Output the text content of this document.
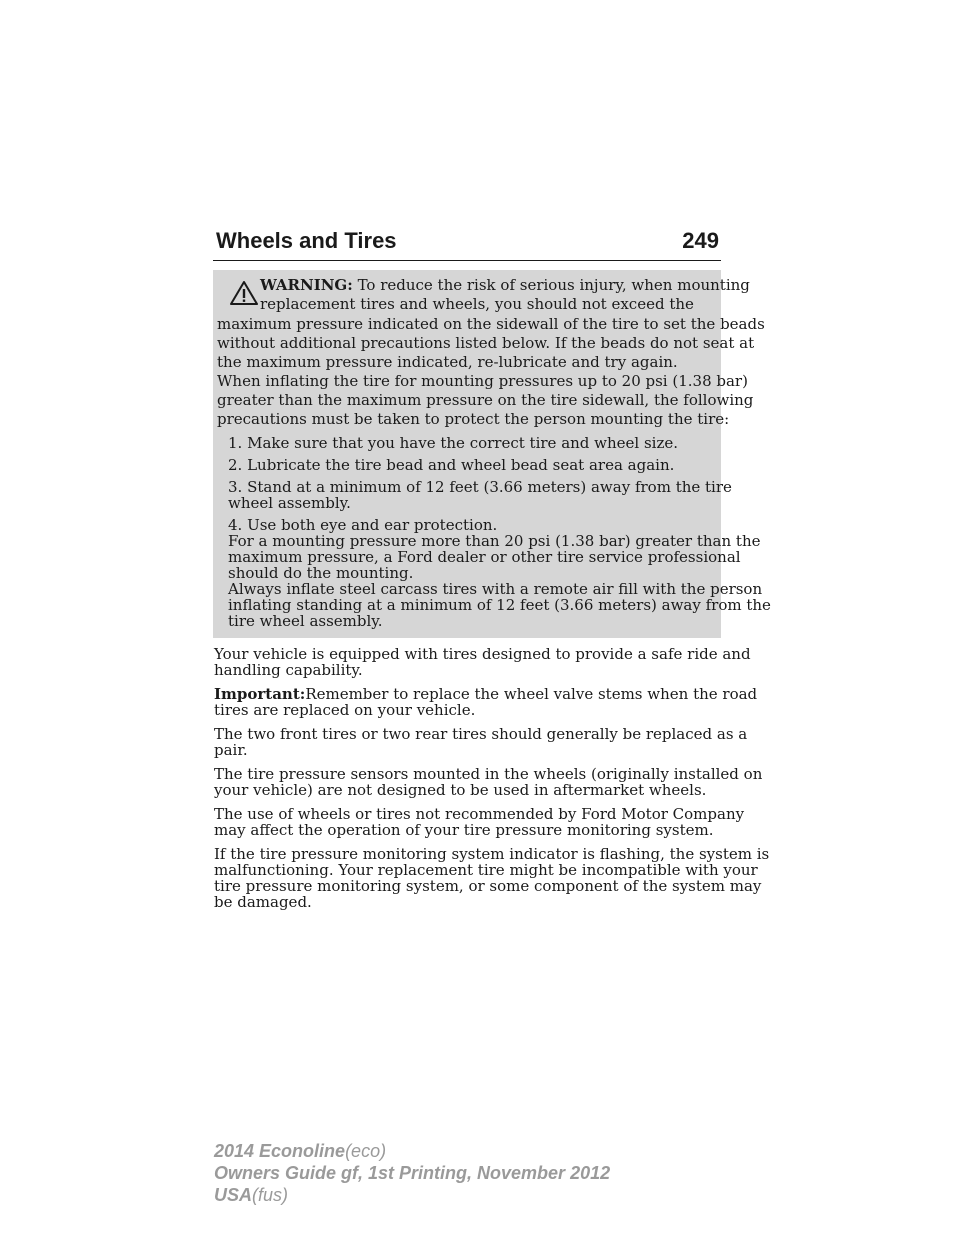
Wheels and Tires	249
WARNING: To reduce the risk of serious injury, when mounting
replacement tires and wheels, you should not exceed the
maximum pressure indicated on the sidewall of the tire to set the beads
without additional precautions listed below. If the beads do not seat at
the maximum pressure indicated, re-lubricate and try again.
When inflating the tire for mounting pressures up to 20 psi (1.38 bar)
greater than the maximum pressure on the tire sidewall, the following
precautions must be taken to protect the person mounting the tire:
1. Make sure that you have the correct tire and wheel size.
2. Lubricate the tire bead and wheel bead seat area again.
3. Stand at a minimum of 12 feet (3.66 meters) away from the tire
wheel assembly.
4. Use both eye and ear protection.
For a mounting pressure more than 20 psi (1.38 bar) greater than the
maximum pressure, a Ford dealer or other tire service professional
should do the mounting.
Always inflate steel carcass tires with a remote air fill with the person
inflating standing at a minimum of 12 feet (3.66 meters) away from the
tire wheel assembly.
Your vehicle is equipped with tires designed to provide a safe ride and
handling capability.
Important:Remember to replace the wheel valve stems when the road
tires are replaced on your vehicle.
The two front tires or two rear tires should generally be replaced as a
pair.
The tire pressure sensors mounted in the wheels (originally installed on
your vehicle) are not designed to be used in aftermarket wheels.
The use of wheels or tires not recommended by Ford Motor Company
may affect the operation of your tire pressure monitoring system.
If the tire pressure monitoring system indicator is flashing, the system is
malfunctioning. Your replacement tire might be incompatible with your
tire pressure monitoring system, or some component of the system may
be damaged.
2014 Econoline(eco)
Owners Guide gf, 1st Printing, November 2012
USA(fus)
